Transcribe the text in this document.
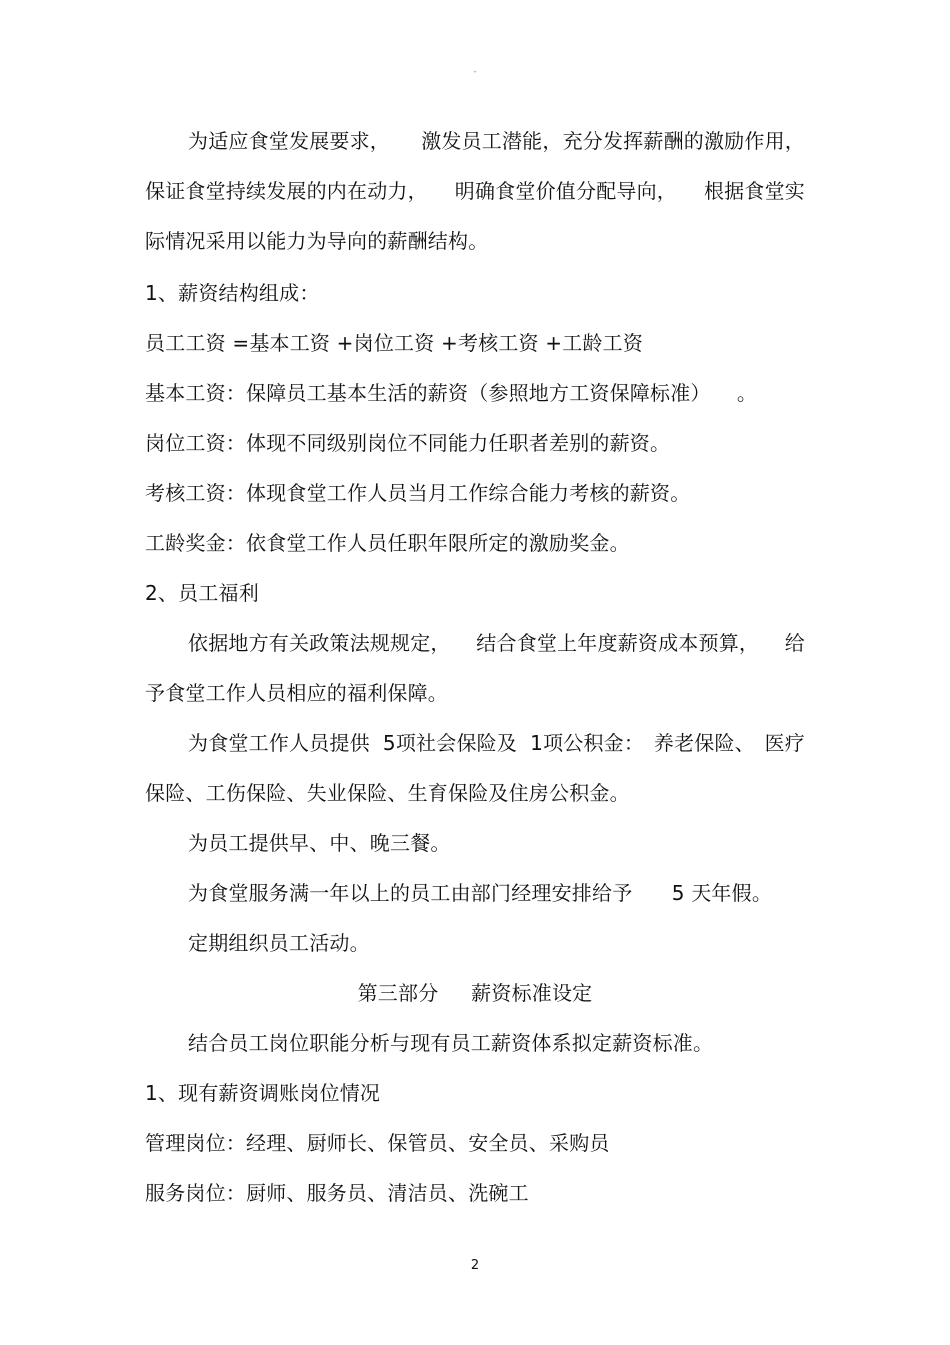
-
为适应食堂发展要求， 激发员工潜能，充分发挥薪酬的激励作用，
保证食堂持续发展的内在动力， 明确食堂价值分配导向， 根据食堂实
际情况采用以能力为导向的薪酬结构。
1、薪资结构组成：
员工工资 =基本工资 +岗位工资 +考核工资 +工龄工资
基本工资：保障员工基本生活的薪资（参照地方工资保障标准）    。
岗位工资：体现不同级别岗位不同能力任职者差别的薪资。
考核工资：体现食堂工作人员当月工作综合能力考核的薪资。
工龄奖金：依食堂工作人员任职年限所定的激励奖金。
2、员工福利
依据地方有关政策法规规定， 结合食堂上年度薪资成本预算， 给
予食堂工作人员相应的福利保障。
为食堂工作人员提供  5项社会保险及  1项公积金： 养老保险、 医疗
保险、工伤保险、失业保险、生育保险及住房公积金。
为员工提供早、中、晚三餐。
为食堂服务满一年以上的员工由部门经理安排给予      5 天年假。
定期组织员工活动。
第三部分     薪资标准设定
结合员工岗位职能分析与现有员工薪资体系拟定薪资标准。
1、现有薪资调账岗位情况
管理岗位：经理、厨师长、保管员、安全员、采购员
服务岗位：厨师、服务员、清洁员、洗碗工
2
